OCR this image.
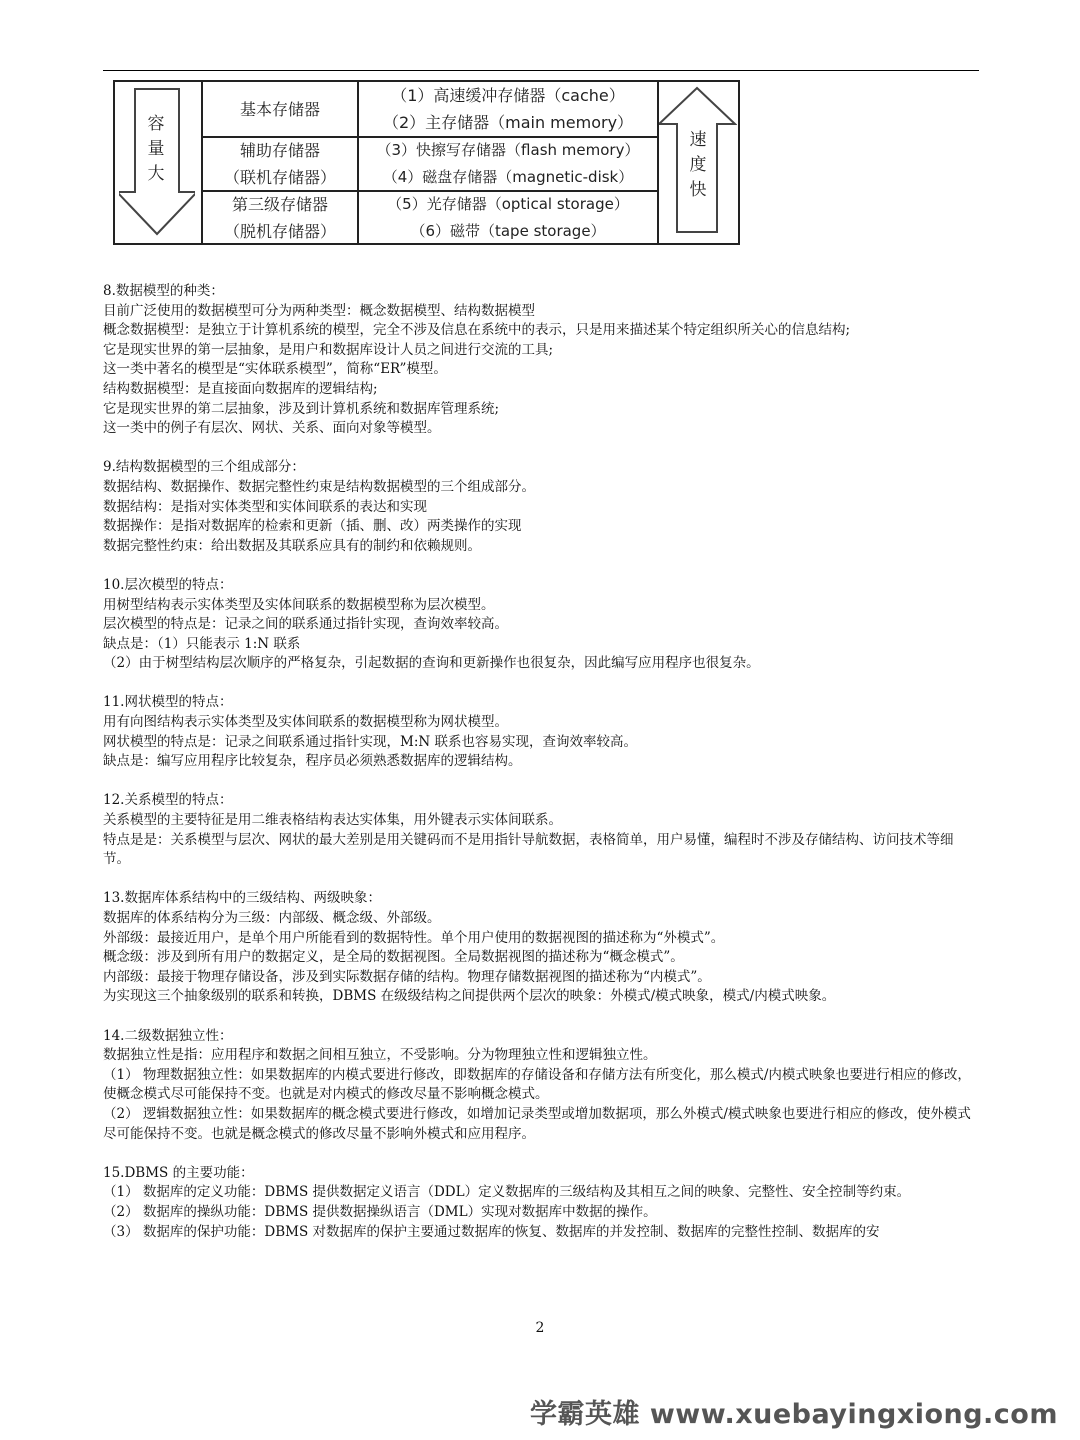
容
量
大
基本存储器
（1）高速缓冲存储器（cache）
（2）主存储器（main memory）
辅助存储器
（联机存储器）
（3）快擦写存储器（flash memory）
（4）磁盘存储器（magnetic-disk）
第三级存储器
（脱机存储器）
（5）光存储器（optical storage）
（6）磁带（tape storage）
速
度
快

8.数据模型的种类：

目前广泛使用的数据模型可分为两种类型：概念数据模型、结构数据模型

概念数据模型：是独立于计算机系统的模型，完全不涉及信息在系统中的表示，只是用来描述某个特定组织所关心的信息结构;

它是现实世界的第一层抽象，是用户和数据库设计人员之间进行交流的工具;

这一类中著名的模型是“实体联系模型”，简称“ER”模型。

结构数据模型：是直接面向数据库的逻辑结构;

它是现实世界的第二层抽象，涉及到计算机系统和数据库管理系统;

这一类中的例子有层次、网状、关系、面向对象等模型。

9.结构数据模型的三个组成部分：

数据结构、数据操作、数据完整性约束是结构数据模型的三个组成部分。

数据结构：是指对实体类型和实体间联系的表达和实现

数据操作：是指对数据库的检索和更新（插、删、改）两类操作的实现

数据完整性约束：给出数据及其联系应具有的制约和依赖规则。

10.层次模型的特点：

用树型结构表示实体类型及实体间联系的数据模型称为层次模型。

层次模型的特点是：记录之间的联系通过指针实现，查询效率较高。

缺点是：（1）只能表示 1:N 联系

（2）由于树型结构层次顺序的严格复杂，引起数据的查询和更新操作也很复杂，因此编写应用程序也很复杂。

11.网状模型的特点：

用有向图结构表示实体类型及实体间联系的数据模型称为网状模型。

网状模型的特点是：记录之间联系通过指针实现，M:N 联系也容易实现，查询效率较高。

缺点是：编写应用程序比较复杂，程序员必须熟悉数据库的逻辑结构。

12.关系模型的特点：

关系模型的主要特征是用二维表格结构表达实体集，用外键表示实体间联系。

特点是是：关系模型与层次、网状的最大差别是用关键码而不是用指针导航数据，表格简单，用户易懂，编程时不涉及存储结构、访问技术等细节。

13.数据库体系结构中的三级结构、两级映象：

数据库的体系结构分为三级：内部级、概念级、外部级。

外部级：最接近用户，是单个用户所能看到的数据特性。单个用户使用的数据视图的描述称为“外模式”。

概念级：涉及到所有用户的数据定义，是全局的数据视图。全局数据视图的描述称为“概念模式”。

内部级：最接于物理存储设备，涉及到实际数据存储的结构。物理存储数据视图的描述称为“内模式”。

为实现这三个抽象级别的联系和转换，DBMS 在级级结构之间提供两个层次的映象：外模式/模式映象，模式/内模式映象。

14.二级数据独立性：

数据独立性是指：应用程序和数据之间相互独立，不受影响。分为物理独立性和逻辑独立性。

（1） 物理数据独立性：如果数据库的内模式要进行修改，即数据库的存储设备和存储方法有所变化，那么模式/内模式映象也要进行相应的修改，使概念模式尽可能保持不变。也就是对内模式的修改尽量不影响概念模式。

（2） 逻辑数据独立性：如果数据库的概念模式要进行修改，如增加记录类型或增加数据项，那么外模式/模式映象也要进行相应的修改，使外模式尽可能保持不变。也就是概念模式的修改尽量不影响外模式和应用程序。

15.DBMS 的主要功能：

（1） 数据库的定义功能：DBMS 提供数据定义语言（DDL）定义数据库的三级结构及其相互之间的映象、完整性、安全控制等约束。

（2） 数据库的操纵功能：DBMS 提供数据操纵语言（DML）实现对数据库中数据的操作。

（3） 数据库的保护功能：DBMS 对数据库的保护主要通过数据库的恢复、数据库的并发控制、数据库的完整性控制、数据库的安

2
学霸英雄 www.xuebayingxiong.com
